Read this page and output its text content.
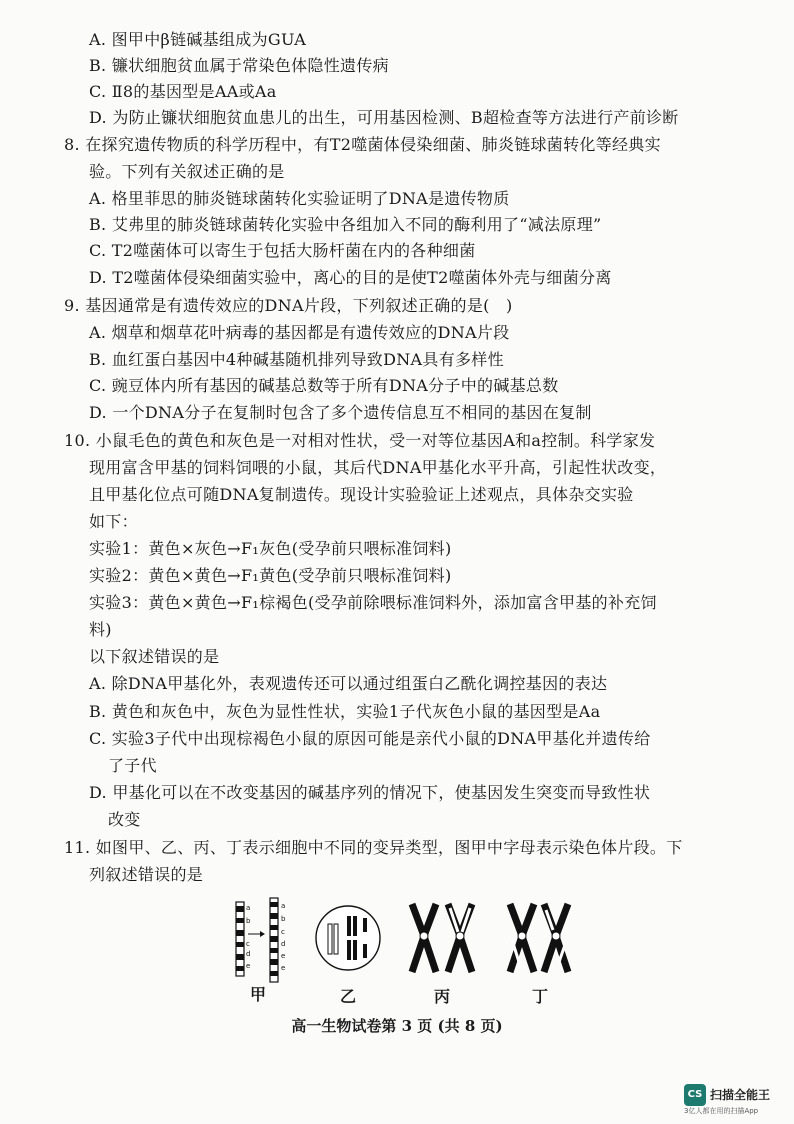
A. 图甲中β链碱基组成为GUA
B. 镰状细胞贫血属于常染色体隐性遗传病
C. Ⅱ8的基因型是AA或Aa
D. 为防止镰状细胞贫血患儿的出生，可用基因检测、B超检查等方法进行产前诊断
8. 在探究遗传物质的科学历程中，有T2噬菌体侵染细菌、肺炎链球菌转化等经典实
验。下列有关叙述正确的是
A. 格里菲思的肺炎链球菌转化实验证明了DNA是遗传物质
B. 艾弗里的肺炎链球菌转化实验中各组加入不同的酶利用了“减法原理”
C. T2噬菌体可以寄生于包括大肠杆菌在内的各种细菌
D. T2噬菌体侵染细菌实验中，离心的目的是使T2噬菌体外壳与细菌分离
9. 基因通常是有遗传效应的DNA片段，下列叙述正确的是(　)
A. 烟草和烟草花叶病毒的基因都是有遗传效应的DNA片段
B. 血红蛋白基因中4种碱基随机排列导致DNA具有多样性
C. 豌豆体内所有基因的碱基总数等于所有DNA分子中的碱基总数
D. 一个DNA分子在复制时包含了多个遗传信息互不相同的基因在复制
10. 小鼠毛色的黄色和灰色是一对相对性状，受一对等位基因A和a控制。科学家发
现用富含甲基的饲料饲喂的小鼠，其后代DNA甲基化水平升高，引起性状改变，
且甲基化位点可随DNA复制遗传。现设计实验验证上述观点，具体杂交实验
如下：
实验1：黄色×灰色→F₁灰色(受孕前只喂标准饲料)
实验2：黄色×黄色→F₁黄色(受孕前只喂标准饲料)
实验3：黄色×黄色→F₁棕褐色(受孕前除喂标准饲料外，添加富含甲基的补充饲
料)
以下叙述错误的是
A. 除DNA甲基化外，表观遗传还可以通过组蛋白乙酰化调控基因的表达
B. 黄色和灰色中，灰色为显性性状，实验1子代灰色小鼠的基因型是Aa
C. 实验3子代中出现棕褐色小鼠的原因可能是亲代小鼠的DNA甲基化并遗传给
了子代
D. 甲基化可以在不改变基因的碱基序列的情况下，使基因发生突变而导致性状
改变
11. 如图甲、乙、丙、丁表示细胞中不同的变异类型，图甲中字母表示染色体片段。下
列叙述错误的是
a
b
c
d
e
a
b
c
d
e
e
甲	乙	丙	丁
高一生物试卷第 3 页 (共 8 页)
CS 扫描全能王
3亿人都在用的扫描App
